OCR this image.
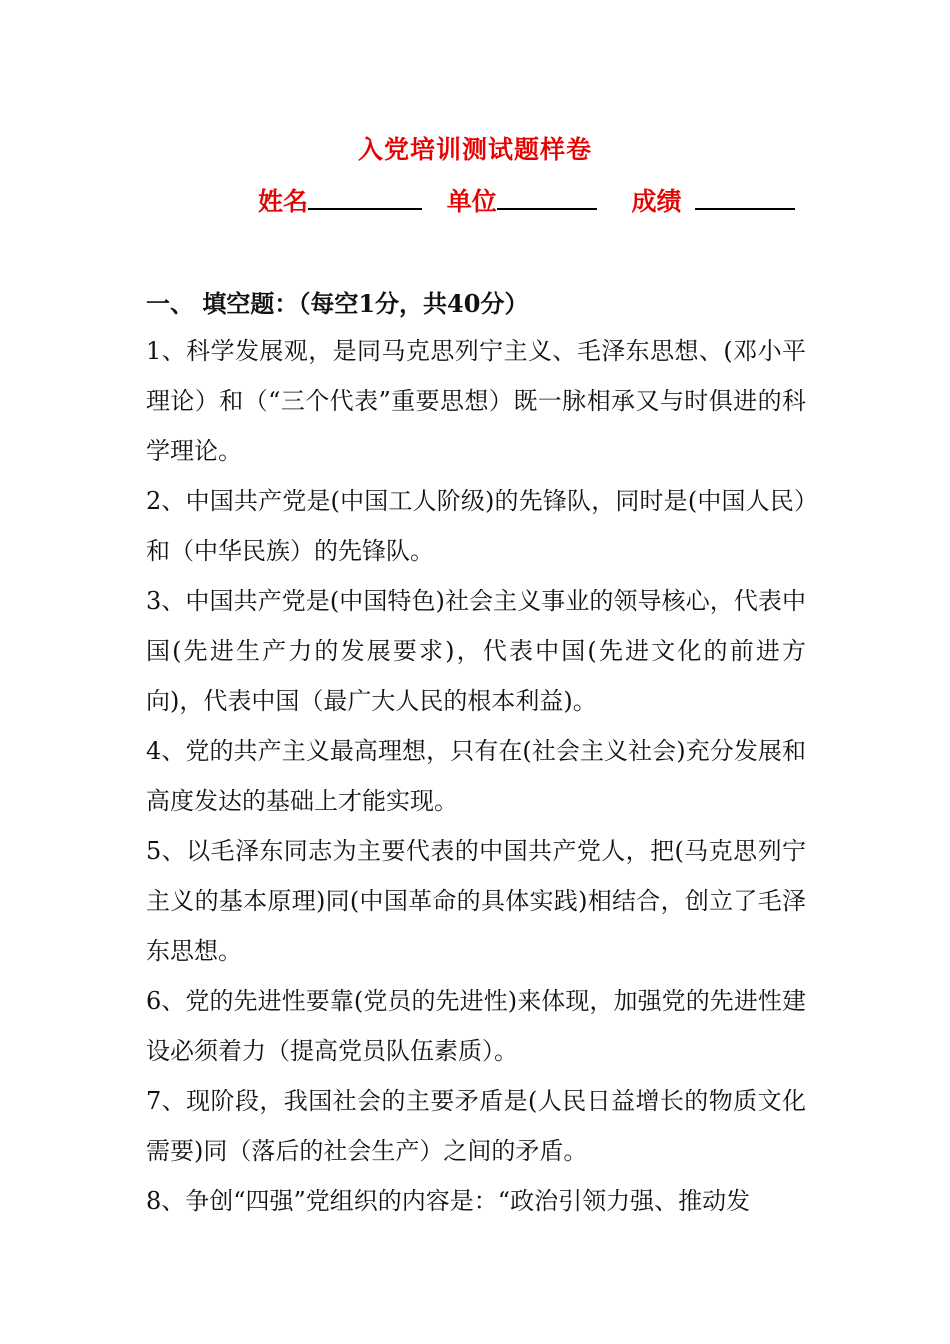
入党培训测试题样卷
姓名	单位	成绩
一、 填空题：（每空1分，共40分）

1、科学发展观，是同马克思列宁主义、毛泽东思想、(邓小平理论）和（“三个代表”重要思想）既一脉相承又与时俱进的科学理论。

2、中国共产党是(中国工人阶级)的先锋队，同时是(中国人民）　和（中华民族）的先锋队。

3、中国共产党是(中国特色)社会主义事业的领导核心，代表中国(先进生产力的发展要求)，代表中国(先进文化的前进方向)，代表中国（最广大人民的根本利益)。

4、党的共产主义最高理想，只有在(社会主义社会)充分发展和高度发达的基础上才能实现。

5、以毛泽东同志为主要代表的中国共产党人，把(马克思列宁主义的基本原理)同(中国革命的具体实践)相结合，创立了毛泽东思想。

6、党的先进性要靠(党员的先进性)来体现，加强党的先进性建设必须着力（提高党员队伍素质）。

7、现阶段，我国社会的主要矛盾是(人民日益增长的物质文化需要)同（落后的社会生产）之间的矛盾。

8、争创“四强”党组织的内容是：“政治引领力强、推动发
